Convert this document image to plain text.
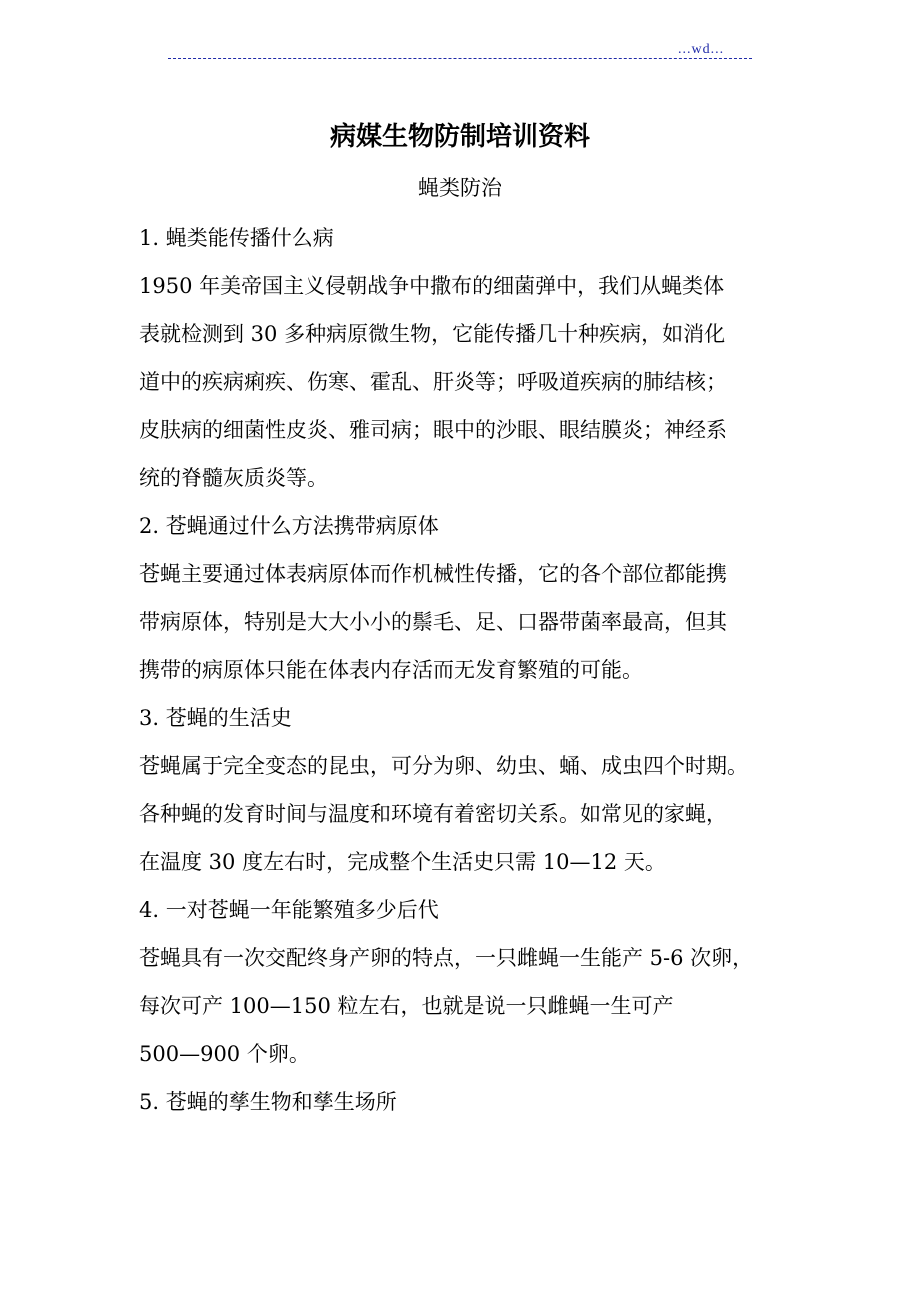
...wd...
病媒生物防制培训资料
蝇类防治
1. 蝇类能传播什么病
1950 年美帝国主义侵朝战争中撒布的细菌弹中，我们从蝇类体
表就检测到 30 多种病原微生物，它能传播几十种疾病，如消化
道中的疾病痢疾、伤寒、霍乱、肝炎等；呼吸道疾病的肺结核；
皮肤病的细菌性皮炎、雅司病；眼中的沙眼、眼结膜炎；神经系
统的脊髓灰质炎等。
2. 苍蝇通过什么方法携带病原体
苍蝇主要通过体表病原体而作机械性传播，它的各个部位都能携
带病原体，特别是大大小小的鬃毛、足、口器带菌率最高，但其
携带的病原体只能在体表内存活而无发育繁殖的可能。
3. 苍蝇的生活史
苍蝇属于完全变态的昆虫，可分为卵、幼虫、蛹、成虫四个时期。
各种蝇的发育时间与温度和环境有着密切关系。如常见的家蝇，
在温度 30 度左右时，完成整个生活史只需 10—12 天。
4. 一对苍蝇一年能繁殖多少后代
苍蝇具有一次交配终身产卵的特点，一只雌蝇一生能产 5-6 次卵，
每次可产 100—150 粒左右，也就是说一只雌蝇一生可产
500—900 个卵。
5. 苍蝇的孳生物和孳生场所
